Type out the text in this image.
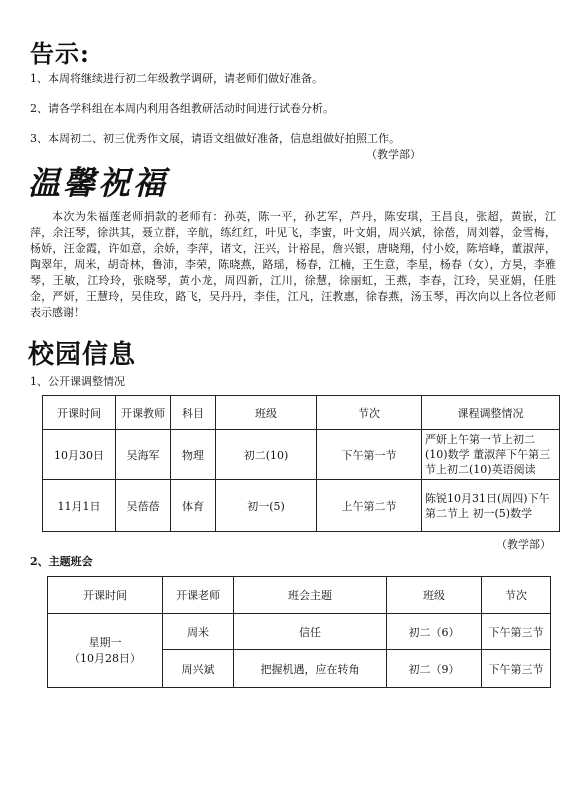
告示:
1、本周将继续进行初二年级教学调研，请老师们做好准备。
2、请各学科组在本周内利用各组教研活动时间进行试卷分析。
3、本周初二、初三优秀作文展，请语文组做好准备，信息组做好拍照工作。
（教学部）
温馨祝福
本次为朱福莲老师捐款的老师有：孙英，陈一平，孙艺军，芦丹，陈安琪，王昌良，张超，黄嵌，江萍，余汪琴，徐洪其，聂立群，辛航，练红红，叶见飞，李蜜，叶文娟，周兴斌，徐蓓，周刘蓉，金雪梅，杨娇，汪金霞，许如意，余娇，李萍，诸文，汪兴，计裕昆，詹兴银，唐晓翔，付小姣，陈培峰，董淑萍，陶翠年，周米，胡奇林，鲁沛，李荣，陈晓燕，路瑶，杨春，江楠，王生意，李星，杨春（女），方昊，李雅琴，王敏，江玲玲，张晓琴，黄小龙，周四新，江川，徐慧，徐丽虹，王燕，李春，江玲，吴亚娟，任胜金，严妍，王慧玲，吴佳玫，路飞，吴丹丹，李佳，江凡，汪教惠，徐春燕，汤玉琴，再次向以上各位老师表示感谢！
校园信息
1、公开课调整情况
开课时间	开课教师	科目	班级	节次	课程调整情况
10月30日	吴海军	物理	初二(10)	下午第一节	严妍上午第一节上初二(10)数学 董淑萍下午第三节上初二(10)英语阅读
11月1日	吴蓓蓓	体育	初一(5)	上午第二节	陈锐10月31日(周四)下午第二节上 初一(5)数学
（教学部）
2、主题班会
开课时间	开课老师	班会主题	班级	节次

星期一
（10月28日）	周米	信任	初二（6）	下午第三节
	周兴斌	把握机遇，应在转角	初二（9）	下午第三节
